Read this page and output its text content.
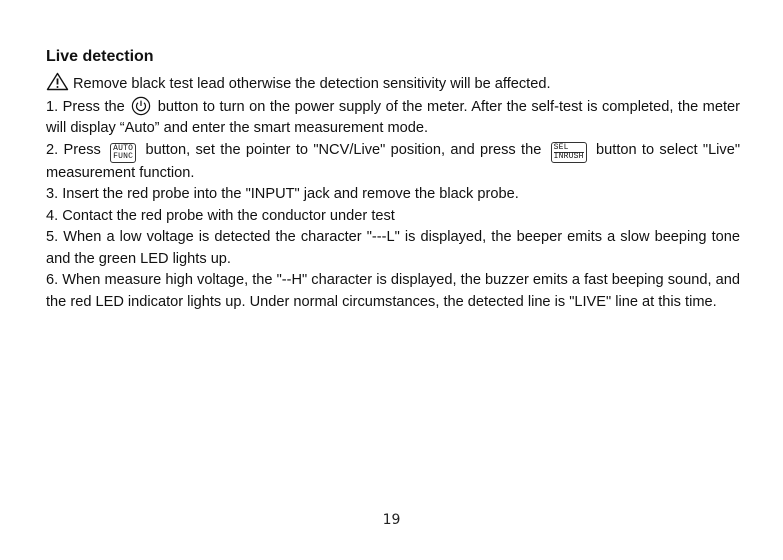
Live detection

Remove black test lead otherwise the detection sensitivity will be affected.

1. Press the button to turn on the power supply of the meter. After the self-test is completed, the meter will display “Auto” and enter the smart measurement mode.

2. Press AUTO
FUNC button, set the pointer to "NCV/Live" position, and press the SEL
INRUSH button to select "Live" measurement function.

3. Insert the red probe into the "INPUT" jack and remove the black probe.

4. Contact the red probe with the conductor under test

5. When a low voltage is detected the character "---L" is displayed, the beeper emits a slow beeping tone and the green LED lights up.

6. When measure high voltage, the "--H" character is displayed, the buzzer emits a fast beeping sound, and the red LED indicator lights up. Under normal circumstances, the detected line is "LIVE" line at this time.

19
